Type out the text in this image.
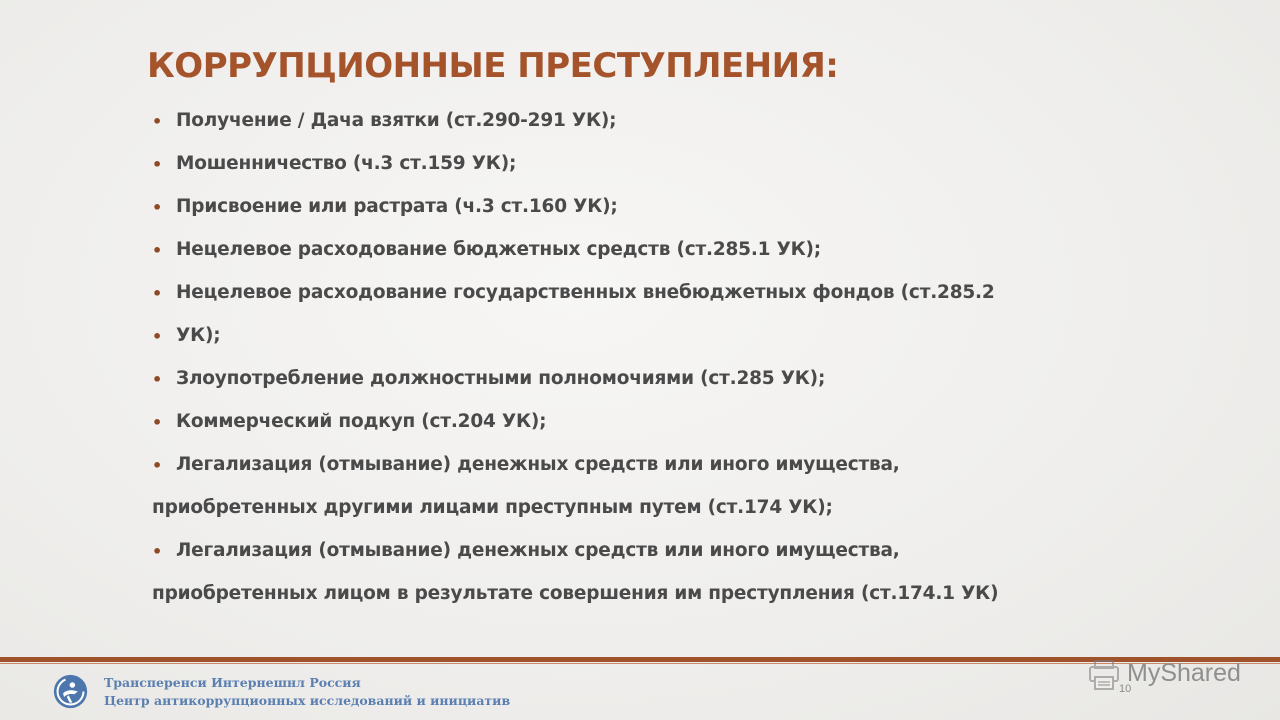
КОРРУПЦИОННЫЕ ПРЕСТУПЛЕНИЯ:
•
•
•
•
•
•
•
•
•
•
Получение / Дача взятки (ст.290-291 УК);
Мошенничество (ч.3 ст.159 УК);
Присвоение или растрата (ч.3 ст.160 УК);
Нецелевое расходование бюджетных средств (ст.285.1 УК);
Нецелевое расходование государственных внебюджетных фондов (ст.285.2
УК);
Злоупотребление должностными полномочиями (ст.285 УК);
Коммерческий подкуп (ст.204 УК);
Легализация (отмывание) денежных средств или иного имущества,
приобретенных другими лицами преступным путем (ст.174 УК);
Легализация (отмывание) денежных средств или иного имущества,
приобретенных лицом в результате совершения им преступления (ст.174.1 УК)
Трансперенси Интернешнл Россия
Центр антикоррупционных исследований и инициатив
10
MyShared
